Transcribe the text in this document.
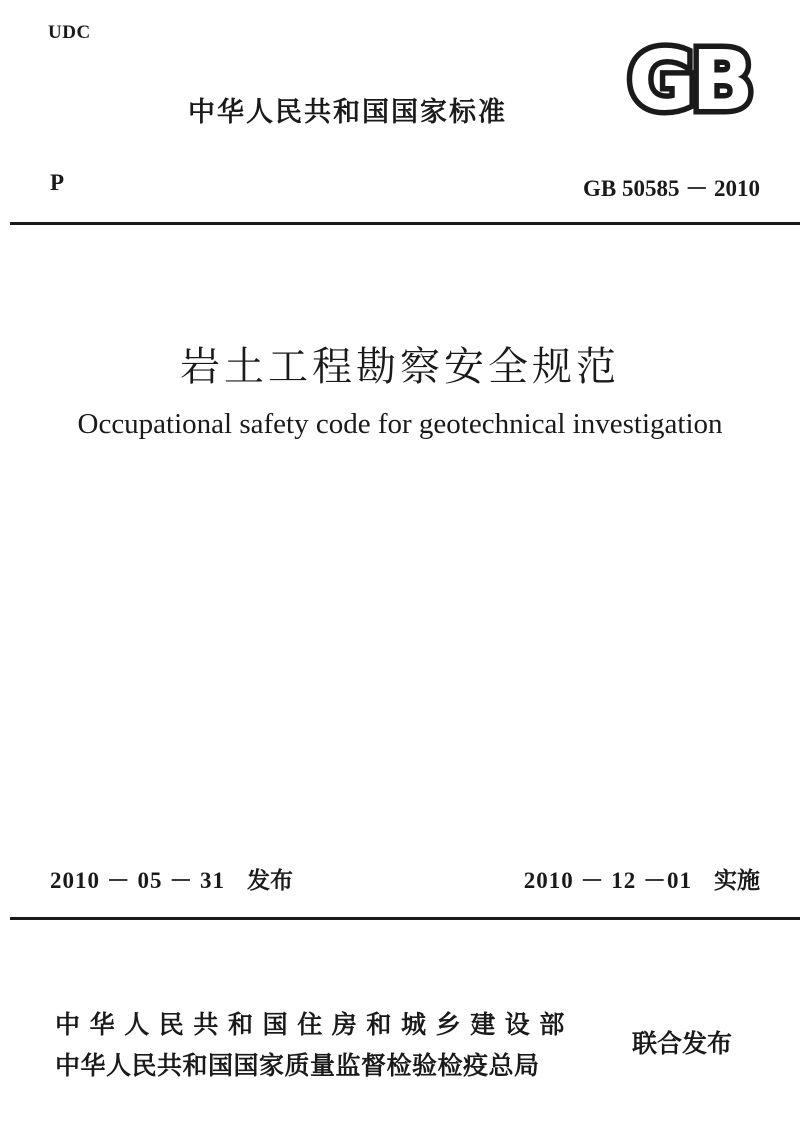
UDC
中华人民共和国国家标准 GB
P	GB 50585 － 2010
岩土工程勘察安全规范
Occupational safety code for geotechnical investigation
2010 － 05 － 31 发布	2010 － 12 －01 实施
中华人民共和国住房和城乡建设部
中华人民共和国国家质量监督检验检疫总局
联合发布
